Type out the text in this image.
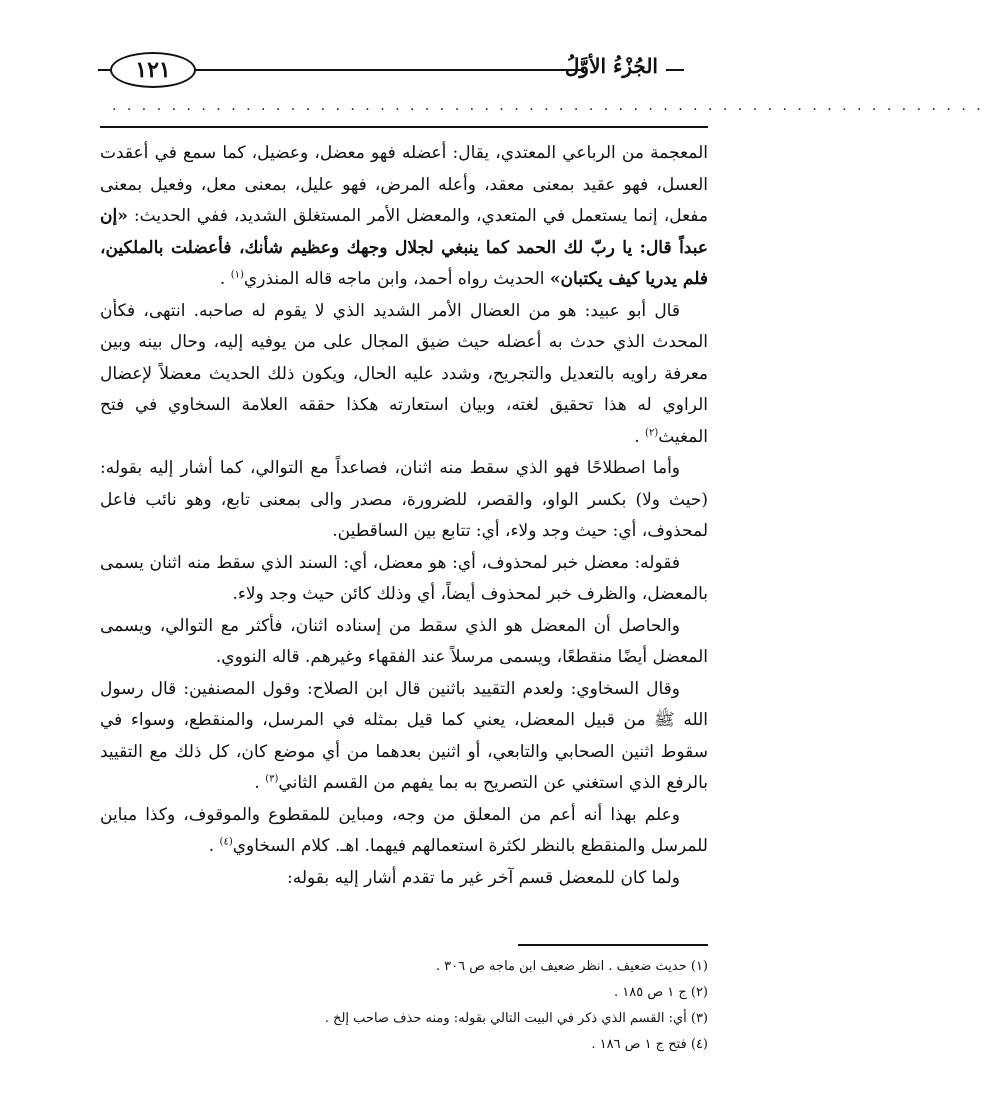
١٢١	الجُزْءُ الأوَّلُ
. . . . . . . . . . . . . . . . . . . . . . . . . . . . . . . . . . . . . . . . . . . . . . . . . . . . . . . . . . .

المعجمة من الرباعي المعتدي، يقال: أعضله فهو معضل، وعضيل، كما سمع في أعقدت العسل، فهو عقيد بمعنى معقد، وأعله المرض، فهو عليل، بمعنى معل، وفعيل بمعنى مفعل، إنما يستعمل في المتعدي، والمعضل الأمر المستغلق الشديد، ففي الحديث: «إن عبداً قال: يا ربّ لك الحمد كما ينبغي لجلال وجهك وعظيم شأنك، فأعضلت بالملكين، فلم يدريا كيف يكتبان» الحديث رواه أحمد، وابن ماجه قاله المنذري$^{(١)}$ .

قال أبو عبيد: هو من العضال الأمر الشديد الذي لا يقوم له صاحبه. انتهى، فكأن المحدث الذي حدث به أعضله حيث ضيق المجال على من يوفيه إليه، وحال بينه وبين معرفة راويه بالتعديل والتجريح، وشدد عليه الحال، ويكون ذلك الحديث معضلاً لإعضال الراوي له هذا تحقيق لغته، وبيان استعارته هكذا حققه العلامة السخاوي في فتح المغيث$^{(٢)}$ .

وأما اصطلاحًا فهو الذي سقط منه اثنان، فصاعداً مع التوالي، كما أشار إليه بقوله: (حيث ولا) بكسر الواو، والقصر، للضرورة، مصدر والى بمعنى تابع، وهو نائب فاعل لمحذوف، أي: حيث وجد ولاء، أي: تتابع بين الساقطين.

فقوله: معضل خبر لمحذوف، أي: هو معضل، أي: السند الذي سقط منه اثنان يسمى بالمعضل، والظرف خبر لمحذوف أيضاً، أي وذلك كائن حيث وجد ولاء.

والحاصل أن المعضل هو الذي سقط من إسناده اثنان، فأكثر مع التوالي، ويسمى المعضل أيضًا منقطعًا، ويسمى مرسلاً عند الفقهاء وغيرهم. قاله النووي.

وقال السخاوي: ولعدم التقييد باثنين قال ابن الصلاح: وقول المصنفين: قال رسول الله ﷺ من قبيل المعضل، يعني كما قيل بمثله في المرسل، والمنقطع، وسواء في سقوط اثنين الصحابي والتابعي، أو اثنين بعدهما من أي موضع كان، كل ذلك مع التقييد بالرفع الذي استغني عن التصريح به بما يفهم من القسم الثاني$^{(٣)}$ .

وعلم بهذا أنه أعم من المعلق من وجه، ومباين للمقطوع والموقوف، وكذا مباين للمرسل والمنقطع بالنظر لكثرة استعمالهم فيهما. اهـ. كلام السخاوي$^{(٤)}$ .

ولما كان للمعضل قسم آخر غير ما تقدم أشار إليه بقوله:

(١) حديث ضعيف . انظر ضعيف ابن ماجه ص ٣٠٦ .

(٢) ج ١ ص ١٨٥ .

(٣) أي: القسم الذي ذكر في البيت التالي بقوله: ومنه حذف صاحب إلخ .

(٤) فتح ج ١ ص ١٨٦ .
